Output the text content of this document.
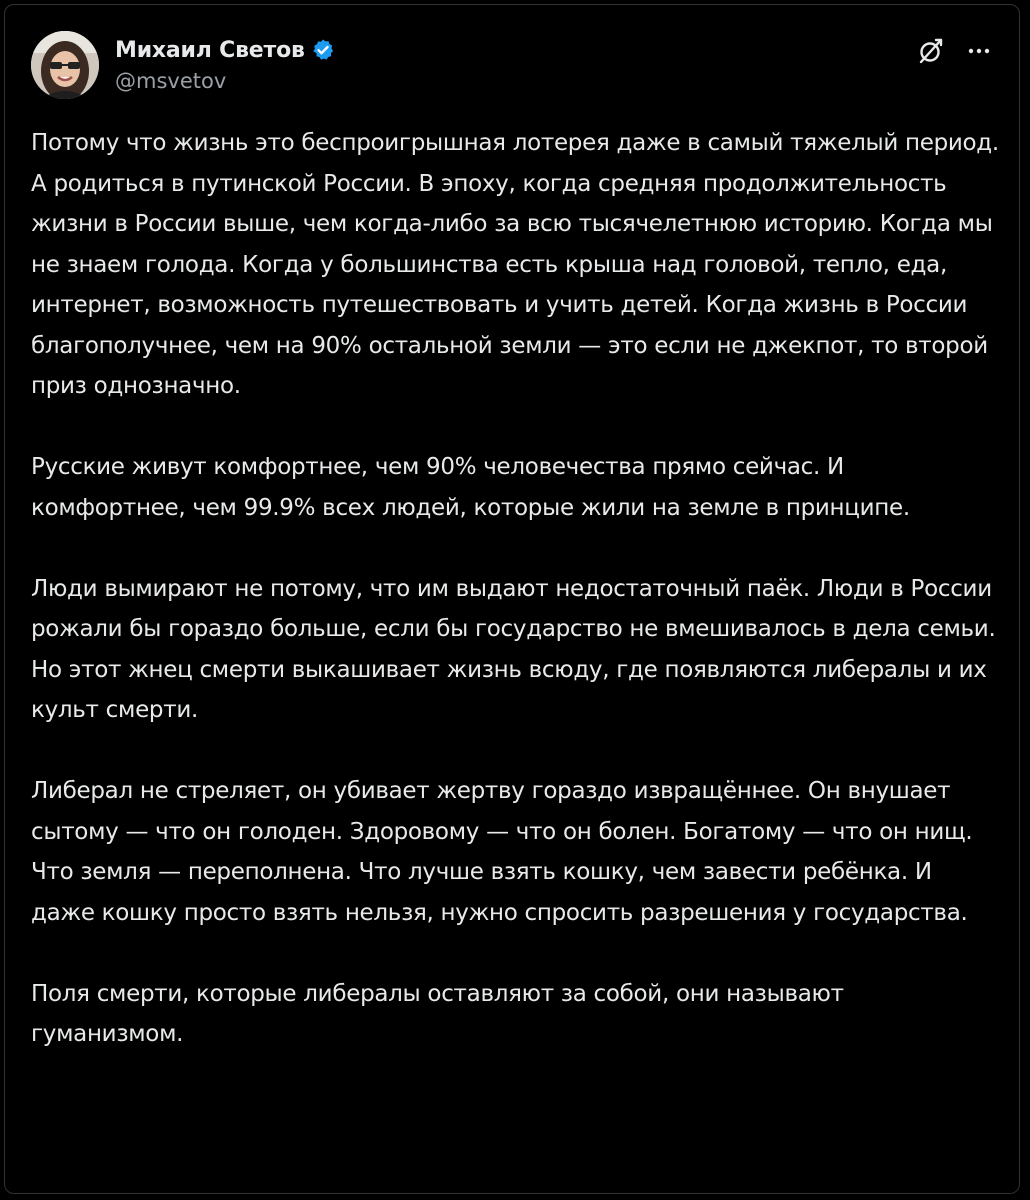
Михаил Светов
@msvetov

Потому что жизнь это беспроигрышная лотерея даже в самый тяжелый период. А родиться в путинской России. В эпоху, когда средняя продолжительность жизни в России выше, чем когда-либо за всю тысячелетнюю историю. Когда мы не знаем голода. Когда у большинства есть крыша над головой, тепло, еда, интернет, возможность путешествовать и учить детей. Когда жизнь в России благополучнее, чем на 90% остальной земли — это если не джекпот, то второй приз однозначно.

Русские живут комфортнее, чем 90% человечества прямо сейчас. И комфортнее, чем 99.9% всех людей, которые жили на земле в принципе.

Люди вымирают не потому, что им выдают недостаточный паёк. Люди в России рожали бы гораздо больше, если бы государство не вмешивалось в дела семьи. Но этот жнец смерти выкашивает жизнь всюду, где появляются либералы и их культ смерти.

Либерал не стреляет, он убивает жертву гораздо извращённее. Он внушает сытому — что он голоден. Здоровому — что он болен. Богатому — что он нищ. Что земля — переполнена. Что лучше взять кошку, чем завести ребёнка. И даже кошку просто взять нельзя, нужно спросить разрешения у государства.

Поля смерти, которые либералы оставляют за собой, они называют гуманизмом.
